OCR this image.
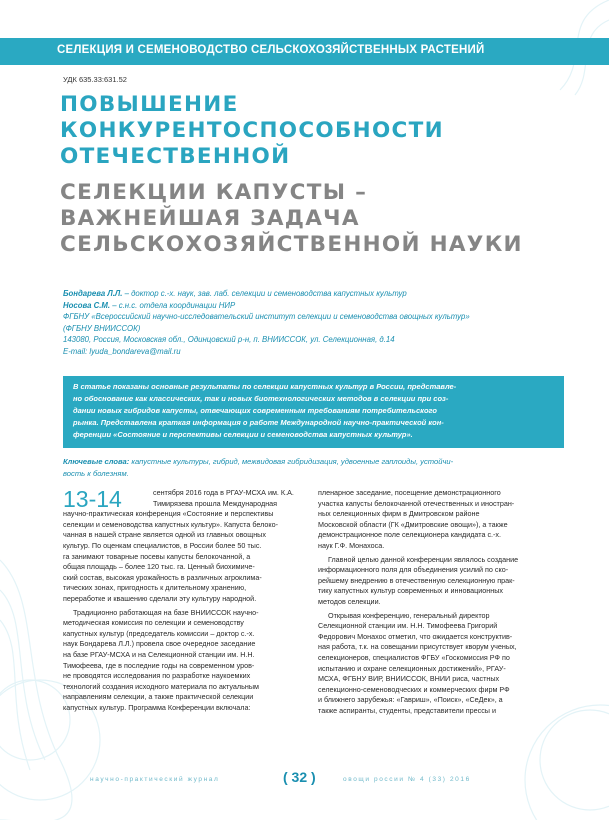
СЕЛЕКЦИЯ И СЕМЕНОВОДСТВО СЕЛЬСКОХОЗЯЙСТВЕННЫХ РАСТЕНИЙ
УДК 635.33:631.52
ПОВЫШЕНИЕ
КОНКУРЕНТОСПОСОБНОСТИ
ОТЕЧЕСТВЕННОЙ
СЕЛЕКЦИИ КАПУСТЫ –
ВАЖНЕЙШАЯ ЗАДАЧА
СЕЛЬСКОХОЗЯЙСТВЕННОЙ НАУКИ
Бондарева Л.Л. – доктор с.-х. наук, зав. лаб. селекции и семеноводства капустных культур
Носова С.М. – с.н.с. отдела координации НИР
ФГБНУ «Всероссийский научно-исследовательский институт селекции и семеноводства овощных культур»
(ФГБНУ ВНИИССОК)
143080, Россия, Московская обл., Одинцовский р-н, п. ВНИИССОК, ул. Селекционная, д.14
E-mail: lyuda_bondareva@mail.ru
В статье показаны основные результаты по селекции капустных культур в России, представле-
но обоснование как классических, так и новых биотехнологических методов в селекции при соз-
дании новых гибридов капусты, отвечающих современным требованиям потребительского
рынка. Представлена краткая информация о работе Международной научно-практической кон-
ференции «Состояние и перспективы селекции и семеноводства капустных культур».
Ключевые слова: капустные культуры, гибрид, межвидовая гибридизация, удвоенные гаплоиды, устойчи-
вость к болезням.
13-14	сентября 2016 года в РГАУ-МСХА им. К.А.
Тимирязева прошла Международная
научно-практическая конференция «Состояние и перспективы
селекции и семеноводства капустных культур». Капуста белоко-
чанная в нашей стране является одной из главных овощных
культур. По оценкам специалистов, в России более 50 тыс.
га занимают товарные посевы капусты белокочанной, а
общая площадь – более 120 тыс. га. Ценный биохимиче-
ский состав, высокая урожайность в различных агроклима-
тических зонах, пригодность к длительному хранению,
переработке и квашению сделали эту культуру народной.
Традиционно работающая на базе ВНИИССОК научно-
методическая комиссия по селекции и семеноводству
капустных культур (председатель комиссии – доктор с.-х.
наук Бондарева Л.Л.) провела свое очередное заседание
на базе РГАУ-МСХА и на Селекционной станции им. Н.Н.
Тимофеева, где в последние годы на современном уров-
не проводятся исследования по разработке наукоемких
технологий создания исходного материала по актуальным
направлениям селекции, а также практической селекции
капустных культур. Программа Конференции включала:
пленарное заседание, посещение демонстрационного
участка капусты белокочанной отечественных и иностран-
ных селекционных фирм в Дмитровском районе
Московской области (ГК «Дмитровские овощи»), а также
демонстрационное поле селекционера кандидата с.-х.
наук Г.Ф. Монахоса.
Главной целью данной конференции являлось создание
информационного поля для объединения усилий по ско-
рейшему внедрению в отечественную селекционную прак-
тику капустных культур современных и инновационных
методов селекции.
Открывая конференцию, генеральный директор
Селекционной станции им. Н.Н. Тимофеева Григорий
Федорович Монахос отметил, что ожидается конструктив-
ная работа, т.к. на совещании присутствует кворум ученых,
селекционеров, специалистов ФГБУ «Госкомиссия РФ по
испытанию и охране селекционных достижений», РГАУ-
МСХА, ФГБНУ ВИР, ВНИИССОК, ВНИИ риса, частных
селекционно-семеноводческих и коммерческих фирм РФ
и ближнего зарубежья: «Гавриш», «Поиск», «СеДек», а
также аспиранты, студенты, представители прессы и
научно-практический журнал	( 32 )	овощи россии № 4 (33) 2016
